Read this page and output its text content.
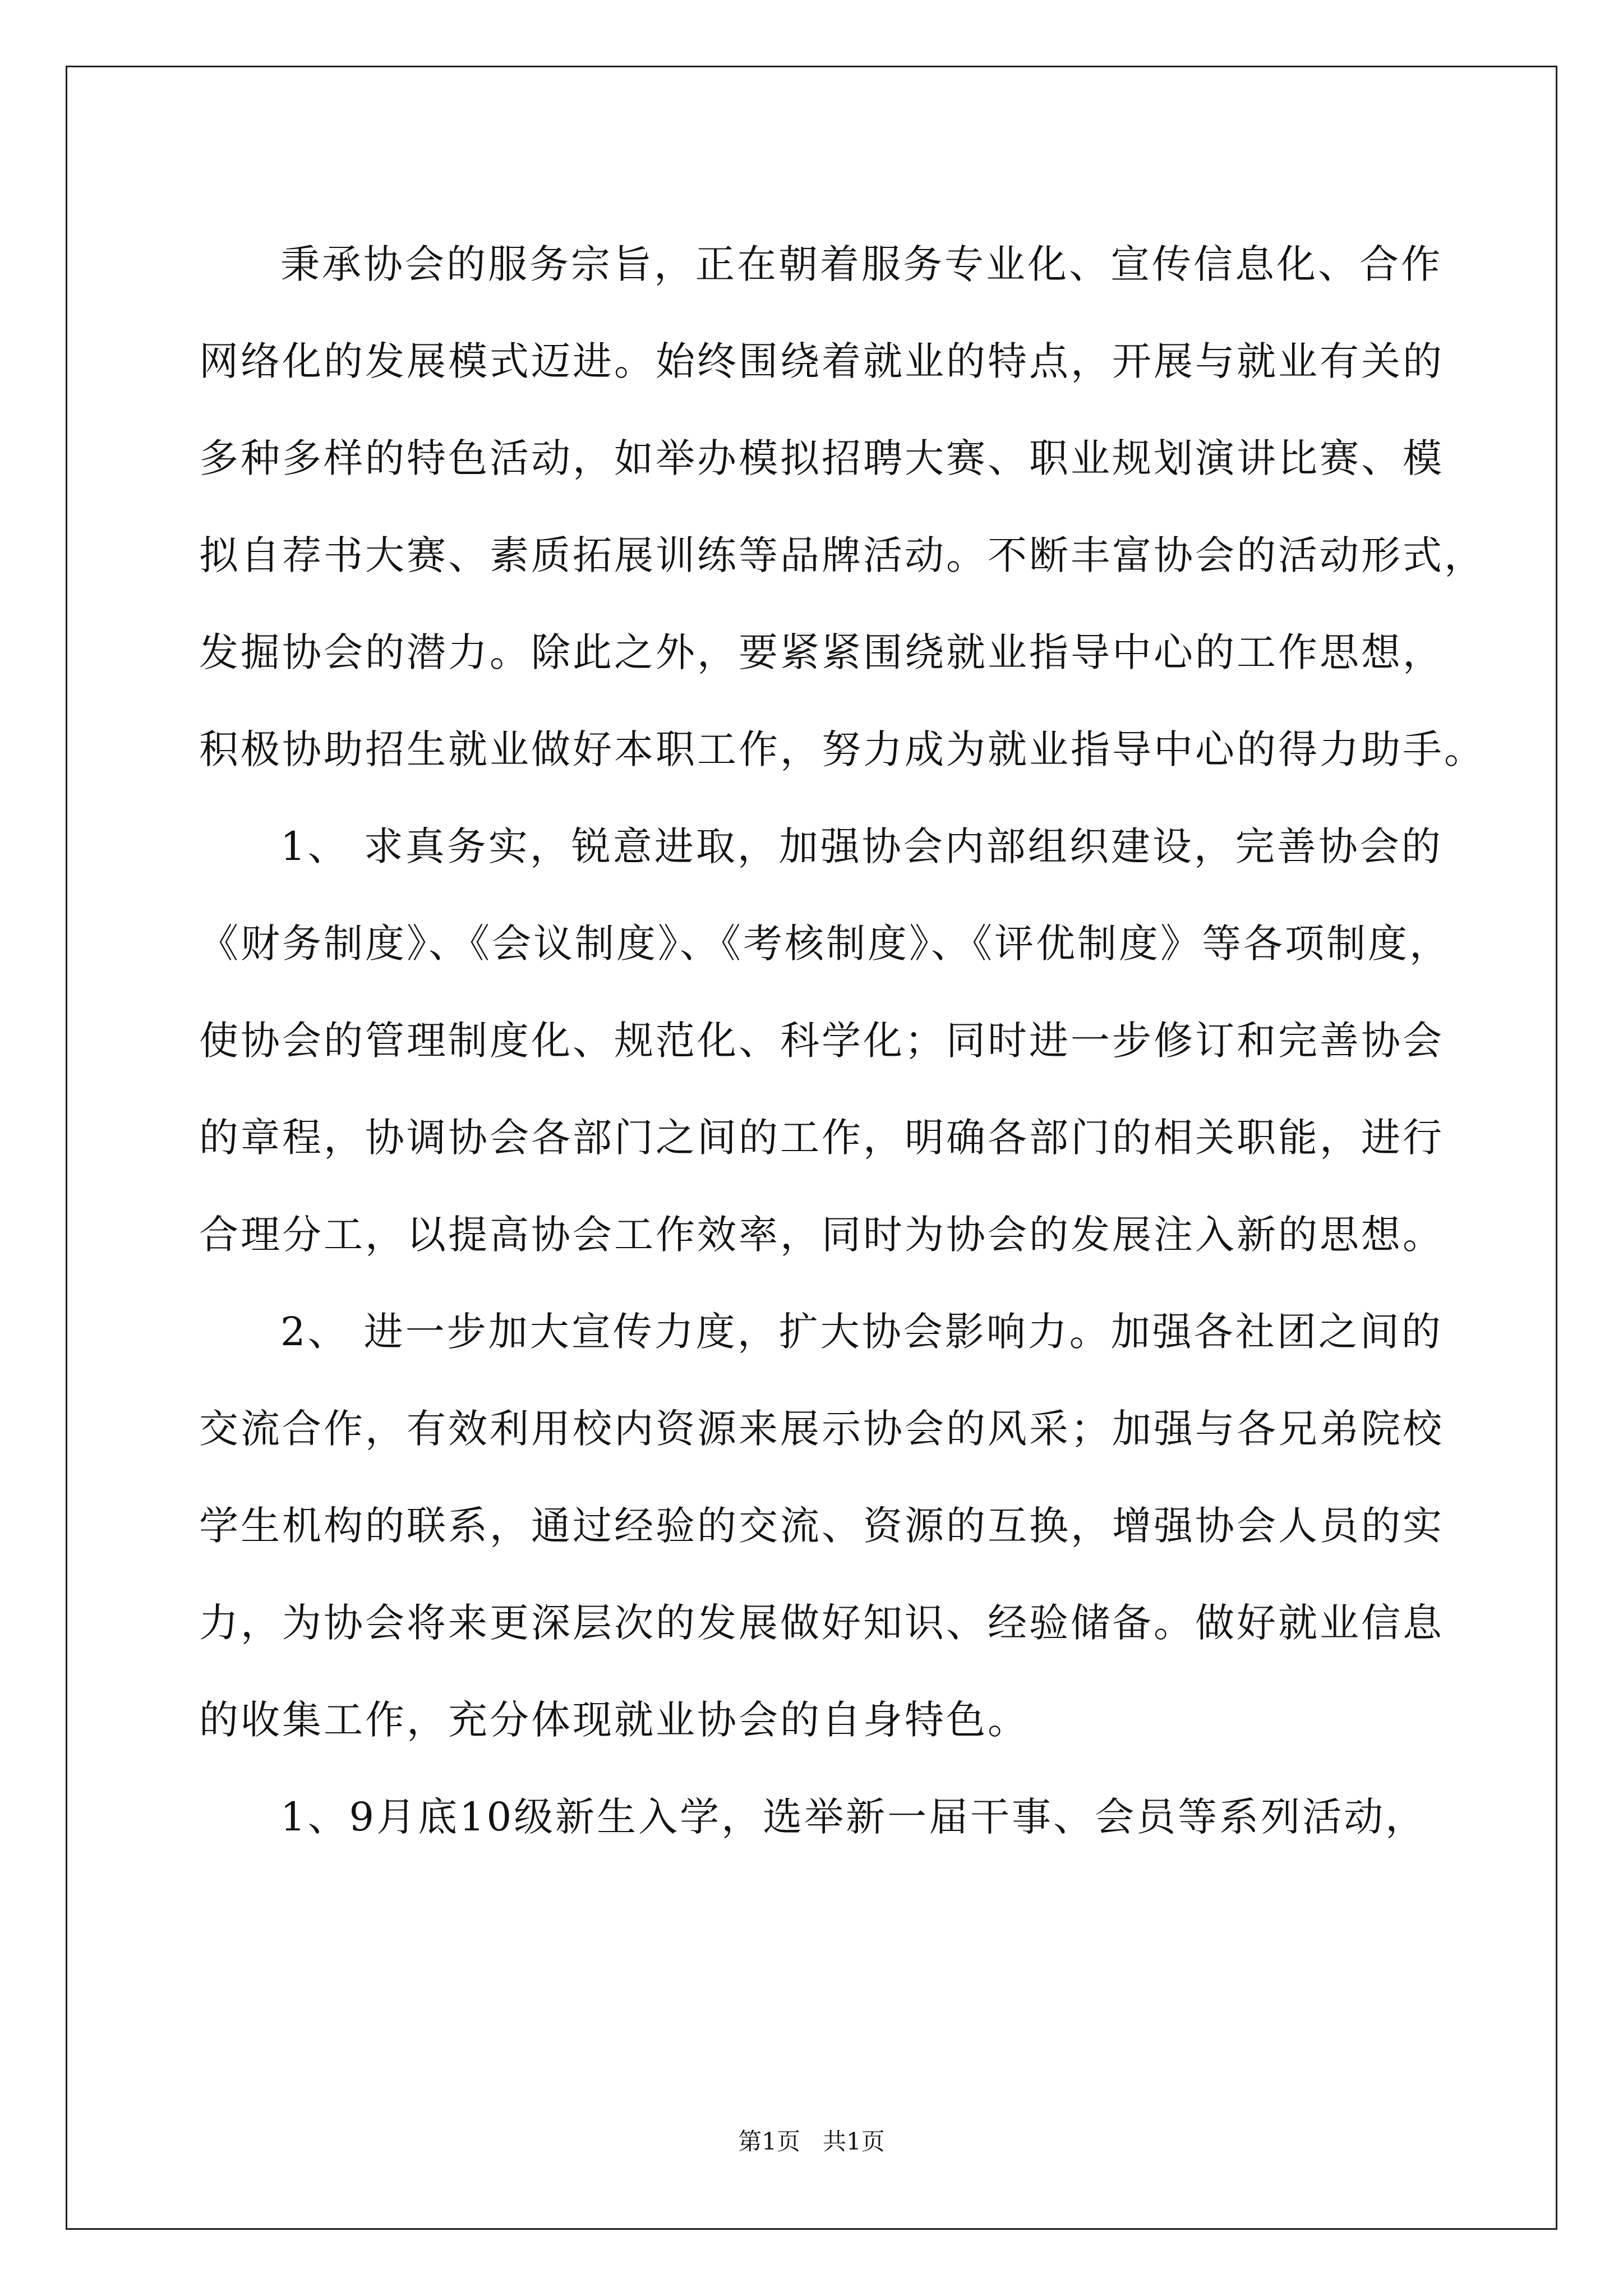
秉承协会的服务宗旨，正在朝着服务专业化、宣传信息化、合作
网络化的发展模式迈进。始终围绕着就业的特点，开展与就业有关的
多种多样的特色活动，如举办模拟招聘大赛、职业规划演讲比赛、模
拟自荐书大赛、素质拓展训练等品牌活动。不断丰富协会的活动形式，
发掘协会的潜力。除此之外，要紧紧围绕就业指导中心的工作思想，
积极协助招生就业做好本职工作，努力成为就业指导中心的得力助手。
1、 求真务实，锐意进取，加强协会内部组织建设，完善协会的
《财务制度》、《会议制度》、《考核制度》、《评优制度》等各项制度，
使协会的管理制度化、规范化、科学化；同时进一步修订和完善协会
的章程，协调协会各部门之间的工作，明确各部门的相关职能，进行
合理分工，以提高协会工作效率，同时为协会的发展注入新的思想。
2、 进一步加大宣传力度，扩大协会影响力。加强各社团之间的
交流合作，有效利用校内资源来展示协会的风采；加强与各兄弟院校
学生机构的联系，通过经验的交流、资源的互换，增强协会人员的实
力，为协会将来更深层次的发展做好知识、经验储备。做好就业信息
的收集工作，充分体现就业协会的自身特色。
1、9月底10级新生入学，选举新一届干事、会员等系列活动，
第1页 共1页
